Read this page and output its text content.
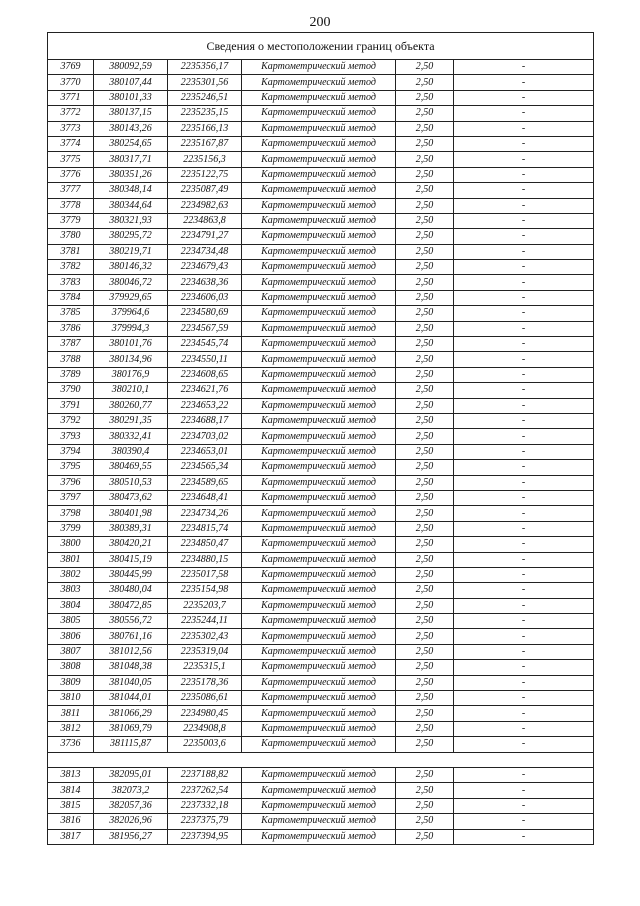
200
Сведения о местоположении границ объекта					
3769	380092,59	2235356,17	Картометрический метод	2,50	-
3770	380107,44	2235301,56	Картометрический метод	2,50	-
3771	380101,33	2235246,51	Картометрический метод	2,50	-
3772	380137,15	2235235,15	Картометрический метод	2,50	-
3773	380143,26	2235166,13	Картометрический метод	2,50	-
3774	380254,65	2235167,87	Картометрический метод	2,50	-
3775	380317,71	2235156,3	Картометрический метод	2,50	-
3776	380351,26	2235122,75	Картометрический метод	2,50	-
3777	380348,14	2235087,49	Картометрический метод	2,50	-
3778	380344,64	2234982,63	Картометрический метод	2,50	-
3779	380321,93	2234863,8	Картометрический метод	2,50	-
3780	380295,72	2234791,27	Картометрический метод	2,50	-
3781	380219,71	2234734,48	Картометрический метод	2,50	-
3782	380146,32	2234679,43	Картометрический метод	2,50	-
3783	380046,72	2234638,36	Картометрический метод	2,50	-
3784	379929,65	2234606,03	Картометрический метод	2,50	-
3785	379964,6	2234580,69	Картометрический метод	2,50	-
3786	379994,3	2234567,59	Картометрический метод	2,50	-
3787	380101,76	2234545,74	Картометрический метод	2,50	-
3788	380134,96	2234550,11	Картометрический метод	2,50	-
3789	380176,9	2234608,65	Картометрический метод	2,50	-
3790	380210,1	2234621,76	Картометрический метод	2,50	-
3791	380260,77	2234653,22	Картометрический метод	2,50	-
3792	380291,35	2234688,17	Картометрический метод	2,50	-
3793	380332,41	2234703,02	Картометрический метод	2,50	-
3794	380390,4	2234653,01	Картометрический метод	2,50	-
3795	380469,55	2234565,34	Картометрический метод	2,50	-
3796	380510,53	2234589,65	Картометрический метод	2,50	-
3797	380473,62	2234648,41	Картометрический метод	2,50	-
3798	380401,98	2234734,26	Картометрический метод	2,50	-
3799	380389,31	2234815,74	Картометрический метод	2,50	-
3800	380420,21	2234850,47	Картометрический метод	2,50	-
3801	380415,19	2234880,15	Картометрический метод	2,50	-
3802	380445,99	2235017,58	Картометрический метод	2,50	-
3803	380480,04	2235154,98	Картометрический метод	2,50	-
3804	380472,85	2235203,7	Картометрический метод	2,50	-
3805	380556,72	2235244,11	Картометрический метод	2,50	-
3806	380761,16	2235302,43	Картометрический метод	2,50	-
3807	381012,56	2235319,04	Картометрический метод	2,50	-
3808	381048,38	2235315,1	Картометрический метод	2,50	-
3809	381040,05	2235178,36	Картометрический метод	2,50	-
3810	381044,01	2235086,61	Картометрический метод	2,50	-
3811	381066,29	2234980,45	Картометрический метод	2,50	-
3812	381069,79	2234908,8	Картометрический метод	2,50	-
3736	381115,87	2235003,6	Картометрический метод	2,50	-

3813	382095,01	2237188,82	Картометрический метод	2,50	-
3814	382073,2	2237262,54	Картометрический метод	2,50	-
3815	382057,36	2237332,18	Картометрический метод	2,50	-
3816	382026,96	2237375,79	Картометрический метод	2,50	-
3817	381956,27	2237394,95	Картометрический метод	2,50	-
